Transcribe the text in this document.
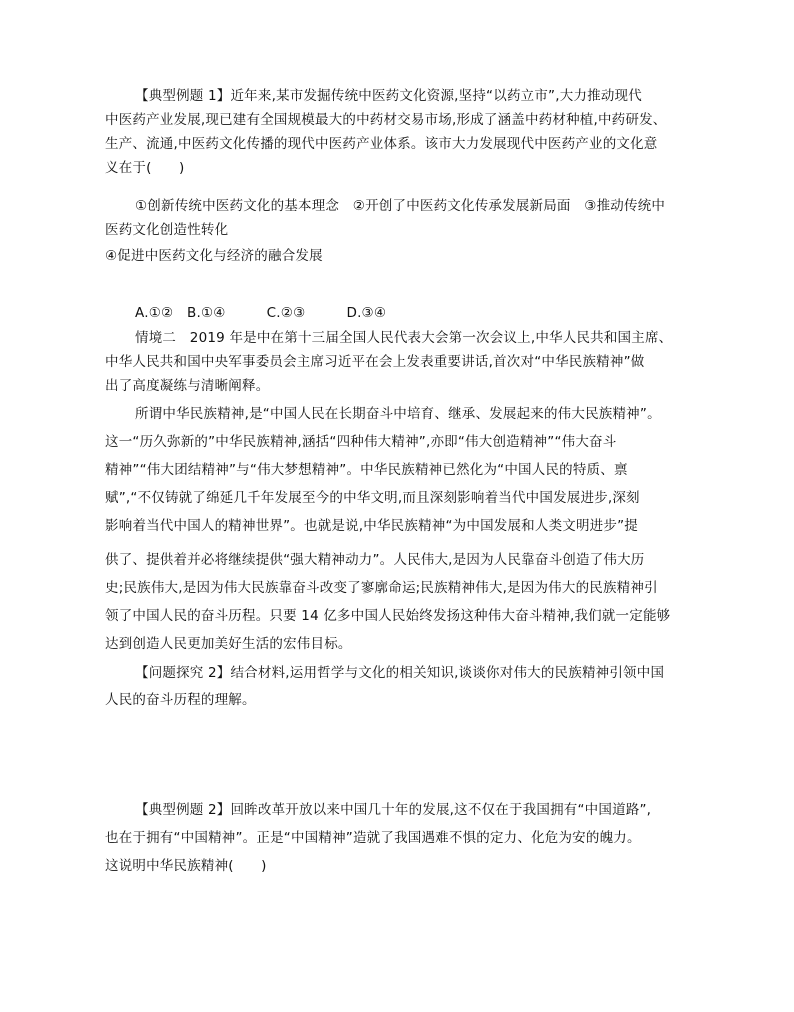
【典型例题 1】近年来,某市发掘传统中医药文化资源,坚持“以药立市”,大力推动现代
中医药产业发展,现已建有全国规模最大的中药材交易市场,形成了涵盖中药材种植,中药研发、
生产、流通,中医药文化传播的现代中医药产业体系。该市大力发展现代中医药产业的文化意
义在于(　　)
①创新传统中医药文化的基本理念　②开创了中医药文化传承发展新局面　③推动传统中
医药文化创造性转化
④促进中医药文化与经济的融合发展
A.①②　B.①④　　　C.②③　　　D.③④
情境二　2019 年是中在第十三届全国人民代表大会第一次会议上,中华人民共和国主席、
中华人民共和国中央军事委员会主席习近平在会上发表重要讲话,首次对“中华民族精神”做
出了高度凝练与清晰阐释。
所谓中华民族精神,是“中国人民在长期奋斗中培育、继承、发展起来的伟大民族精神”。
这一“历久弥新的”中华民族精神,涵括“四种伟大精神”,亦即“伟大创造精神”“伟大奋斗
精神”“伟大团结精神”与“伟大梦想精神”。中华民族精神已然化为“中国人民的特质、禀
赋”,“不仅铸就了绵延几千年发展至今的中华文明,而且深刻影响着当代中国发展进步,深刻
影响着当代中国人的精神世界”。也就是说,中华民族精神“为中国发展和人类文明进步”提
供了、提供着并必将继续提供“强大精神动力”。人民伟大,是因为人民靠奋斗创造了伟大历
史;民族伟大,是因为伟大民族靠奋斗改变了寥廓命运;民族精神伟大,是因为伟大的民族精神引
领了中国人民的奋斗历程。只要 14 亿多中国人民始终发扬这种伟大奋斗精神,我们就一定能够
达到创造人民更加美好生活的宏伟目标。
【问题探究 2】结合材料,运用哲学与文化的相关知识,谈谈你对伟大的民族精神引领中国
人民的奋斗历程的理解。
【典型例题 2】回眸改革开放以来中国几十年的发展,这不仅在于我国拥有“中国道路”,
也在于拥有“中国精神”。正是“中国精神”造就了我国遇难不惧的定力、化危为安的魄力。
这说明中华民族精神(　　)
